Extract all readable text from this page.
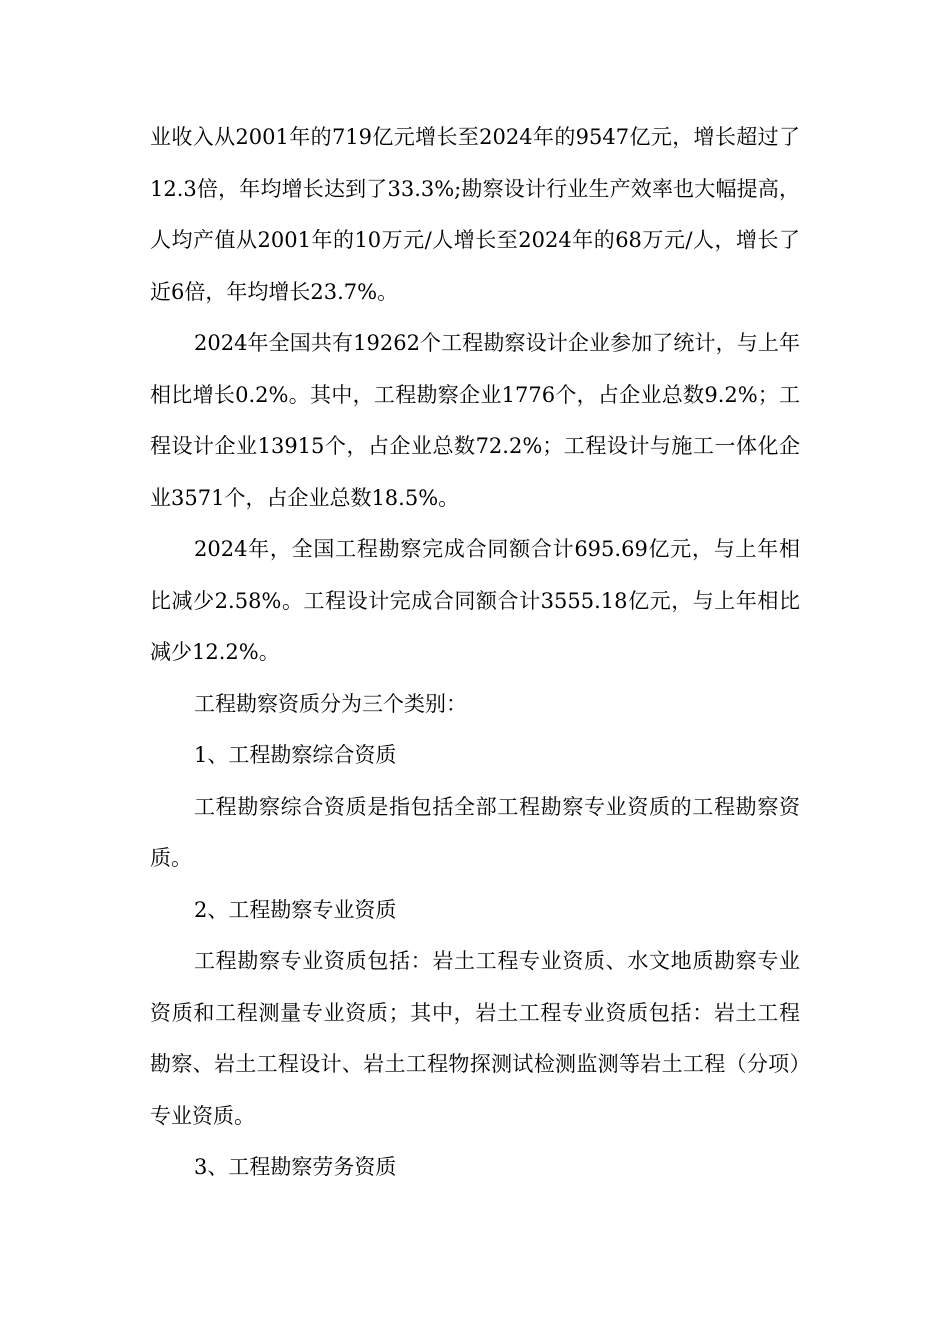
业收入从2001年的719亿元增长至2024年的9547亿元，增长超过了12.3倍，年均增长达到了33.3%;勘察设计行业生产效率也大幅提高，人均产值从2001年的10万元/人增长至2024年的68万元/人，增长了近6倍，年均增长23.7%。

2024年全国共有19262个工程勘察设计企业参加了统计，与上年相比增长0.2%。其中，工程勘察企业1776个，占企业总数9.2%；工程设计企业13915个，占企业总数72.2%；工程设计与施工一体化企业3571个，占企业总数18.5%。

2024年，全国工程勘察完成合同额合计695.69亿元，与上年相比减少2.58%。工程设计完成合同额合计3555.18亿元，与上年相比减少12.2%。

工程勘察资质分为三个类别：

1、工程勘察综合资质

工程勘察综合资质是指包括全部工程勘察专业资质的工程勘察资质。

2、工程勘察专业资质

工程勘察专业资质包括：岩土工程专业资质、水文地质勘察专业资质和工程测量专业资质；其中，岩土工程专业资质包括：岩土工程勘察、岩土工程设计、岩土工程物探测试检测监测等岩土工程（分项）专业资质。

3、工程勘察劳务资质
